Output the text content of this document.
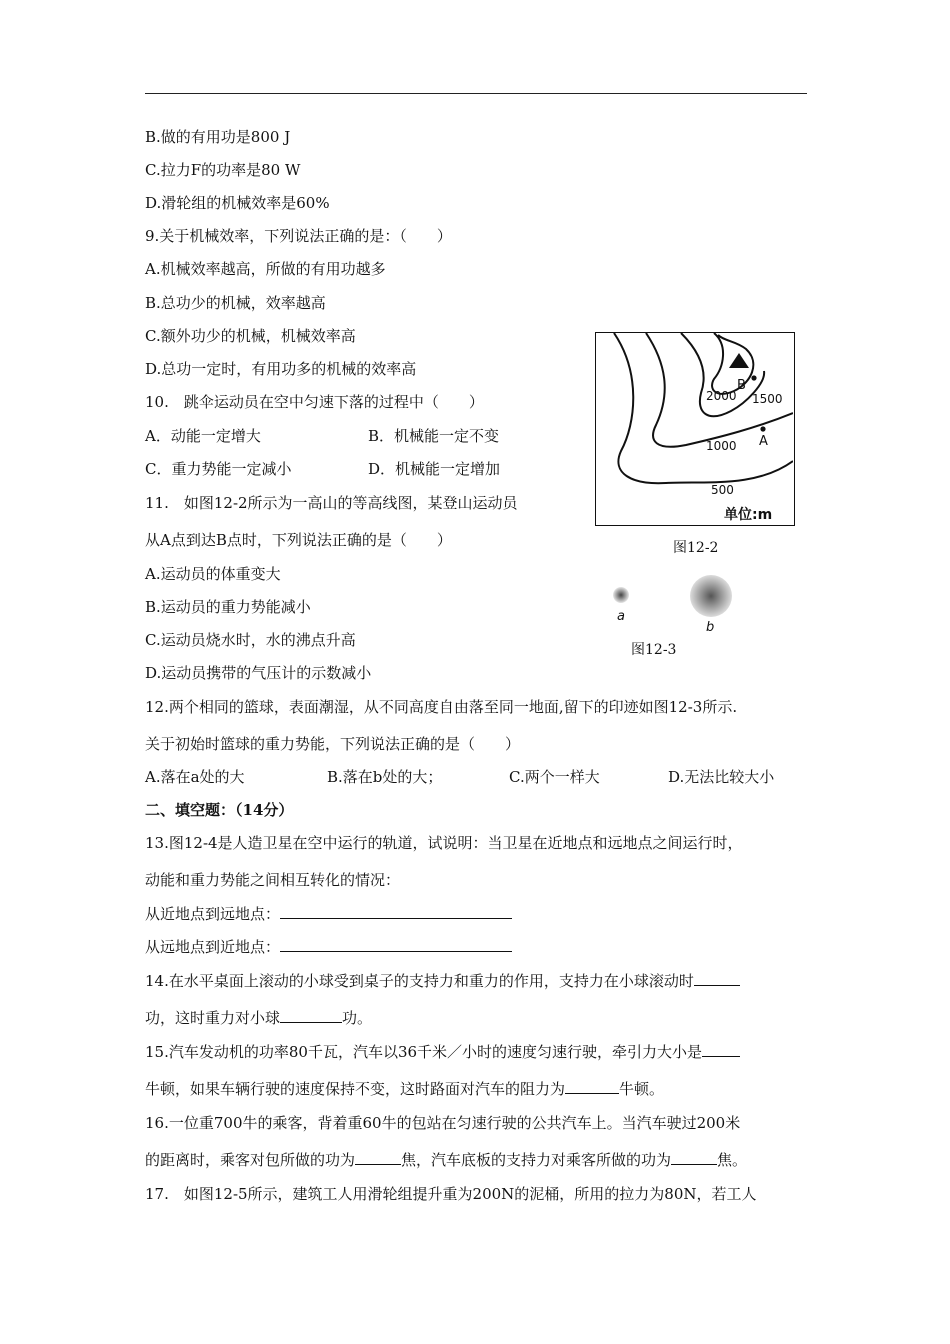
B.做的有用功是800 J
C.拉力F的功率是80 W
D.滑轮组的机械效率是60%
9.关于机械效率，下列说法正确的是：（　　）
A.机械效率越高，所做的有用功越多
B.总功少的机械，效率越高
C.额外功少的机械，机械效率高
D.总功一定时，有用功多的机械的效率高
10.　跳伞运动员在空中匀速下落的过程中（　　）
A．动能一定增大	B．机械能一定不变
C．重力势能一定减小	D．机械能一定增加
11.　如图12-2所示为一高山的等高线图，某登山运动员
从A点到达B点时，下列说法正确的是（　　）
A.运动员的体重变大
B.运动员的重力势能减小
C.运动员烧水时，水的沸点升高
D.运动员携带的气压计的示数减小
B
A
2000 1500
1000
500
单位:m
图12-2
a
b
图12-3
12.两个相同的篮球，表面潮湿，从不同高度自由落至同一地面,留下的印迹如图12-3所示.
关于初始时篮球的重力势能，下列说法正确的是（　　）
A.落在a处的大	B.落在b处的大；	C.两个一样大	D.无法比较大小
二、填空题：（14分）
13.图12-4是人造卫星在空中运行的轨道，试说明：当卫星在近地点和远地点之间运行时，
动能和重力势能之间相互转化的情况：
从近地点到远地点：
从远地点到近地点：
14.在水平桌面上滚动的小球受到桌子的支持力和重力的作用，支持力在小球滚动时
功，这时重力对小球	功。
15.汽车发动机的功率80千瓦，汽车以36千米／小时的速度匀速行驶，牵引力大小是
牛顿，如果车辆行驶的速度保持不变，这时路面对汽车的阻力为	牛顿。
16.一位重700牛的乘客，背着重60牛的包站在匀速行驶的公共汽车上。当汽车驶过200米
的距离时，乘客对包所做的功为	焦，汽车底板的支持力对乘客所做的功为	焦。
17.　如图12-5所示，建筑工人用滑轮组提升重为200N的泥桶，所用的拉力为80N，若工人
